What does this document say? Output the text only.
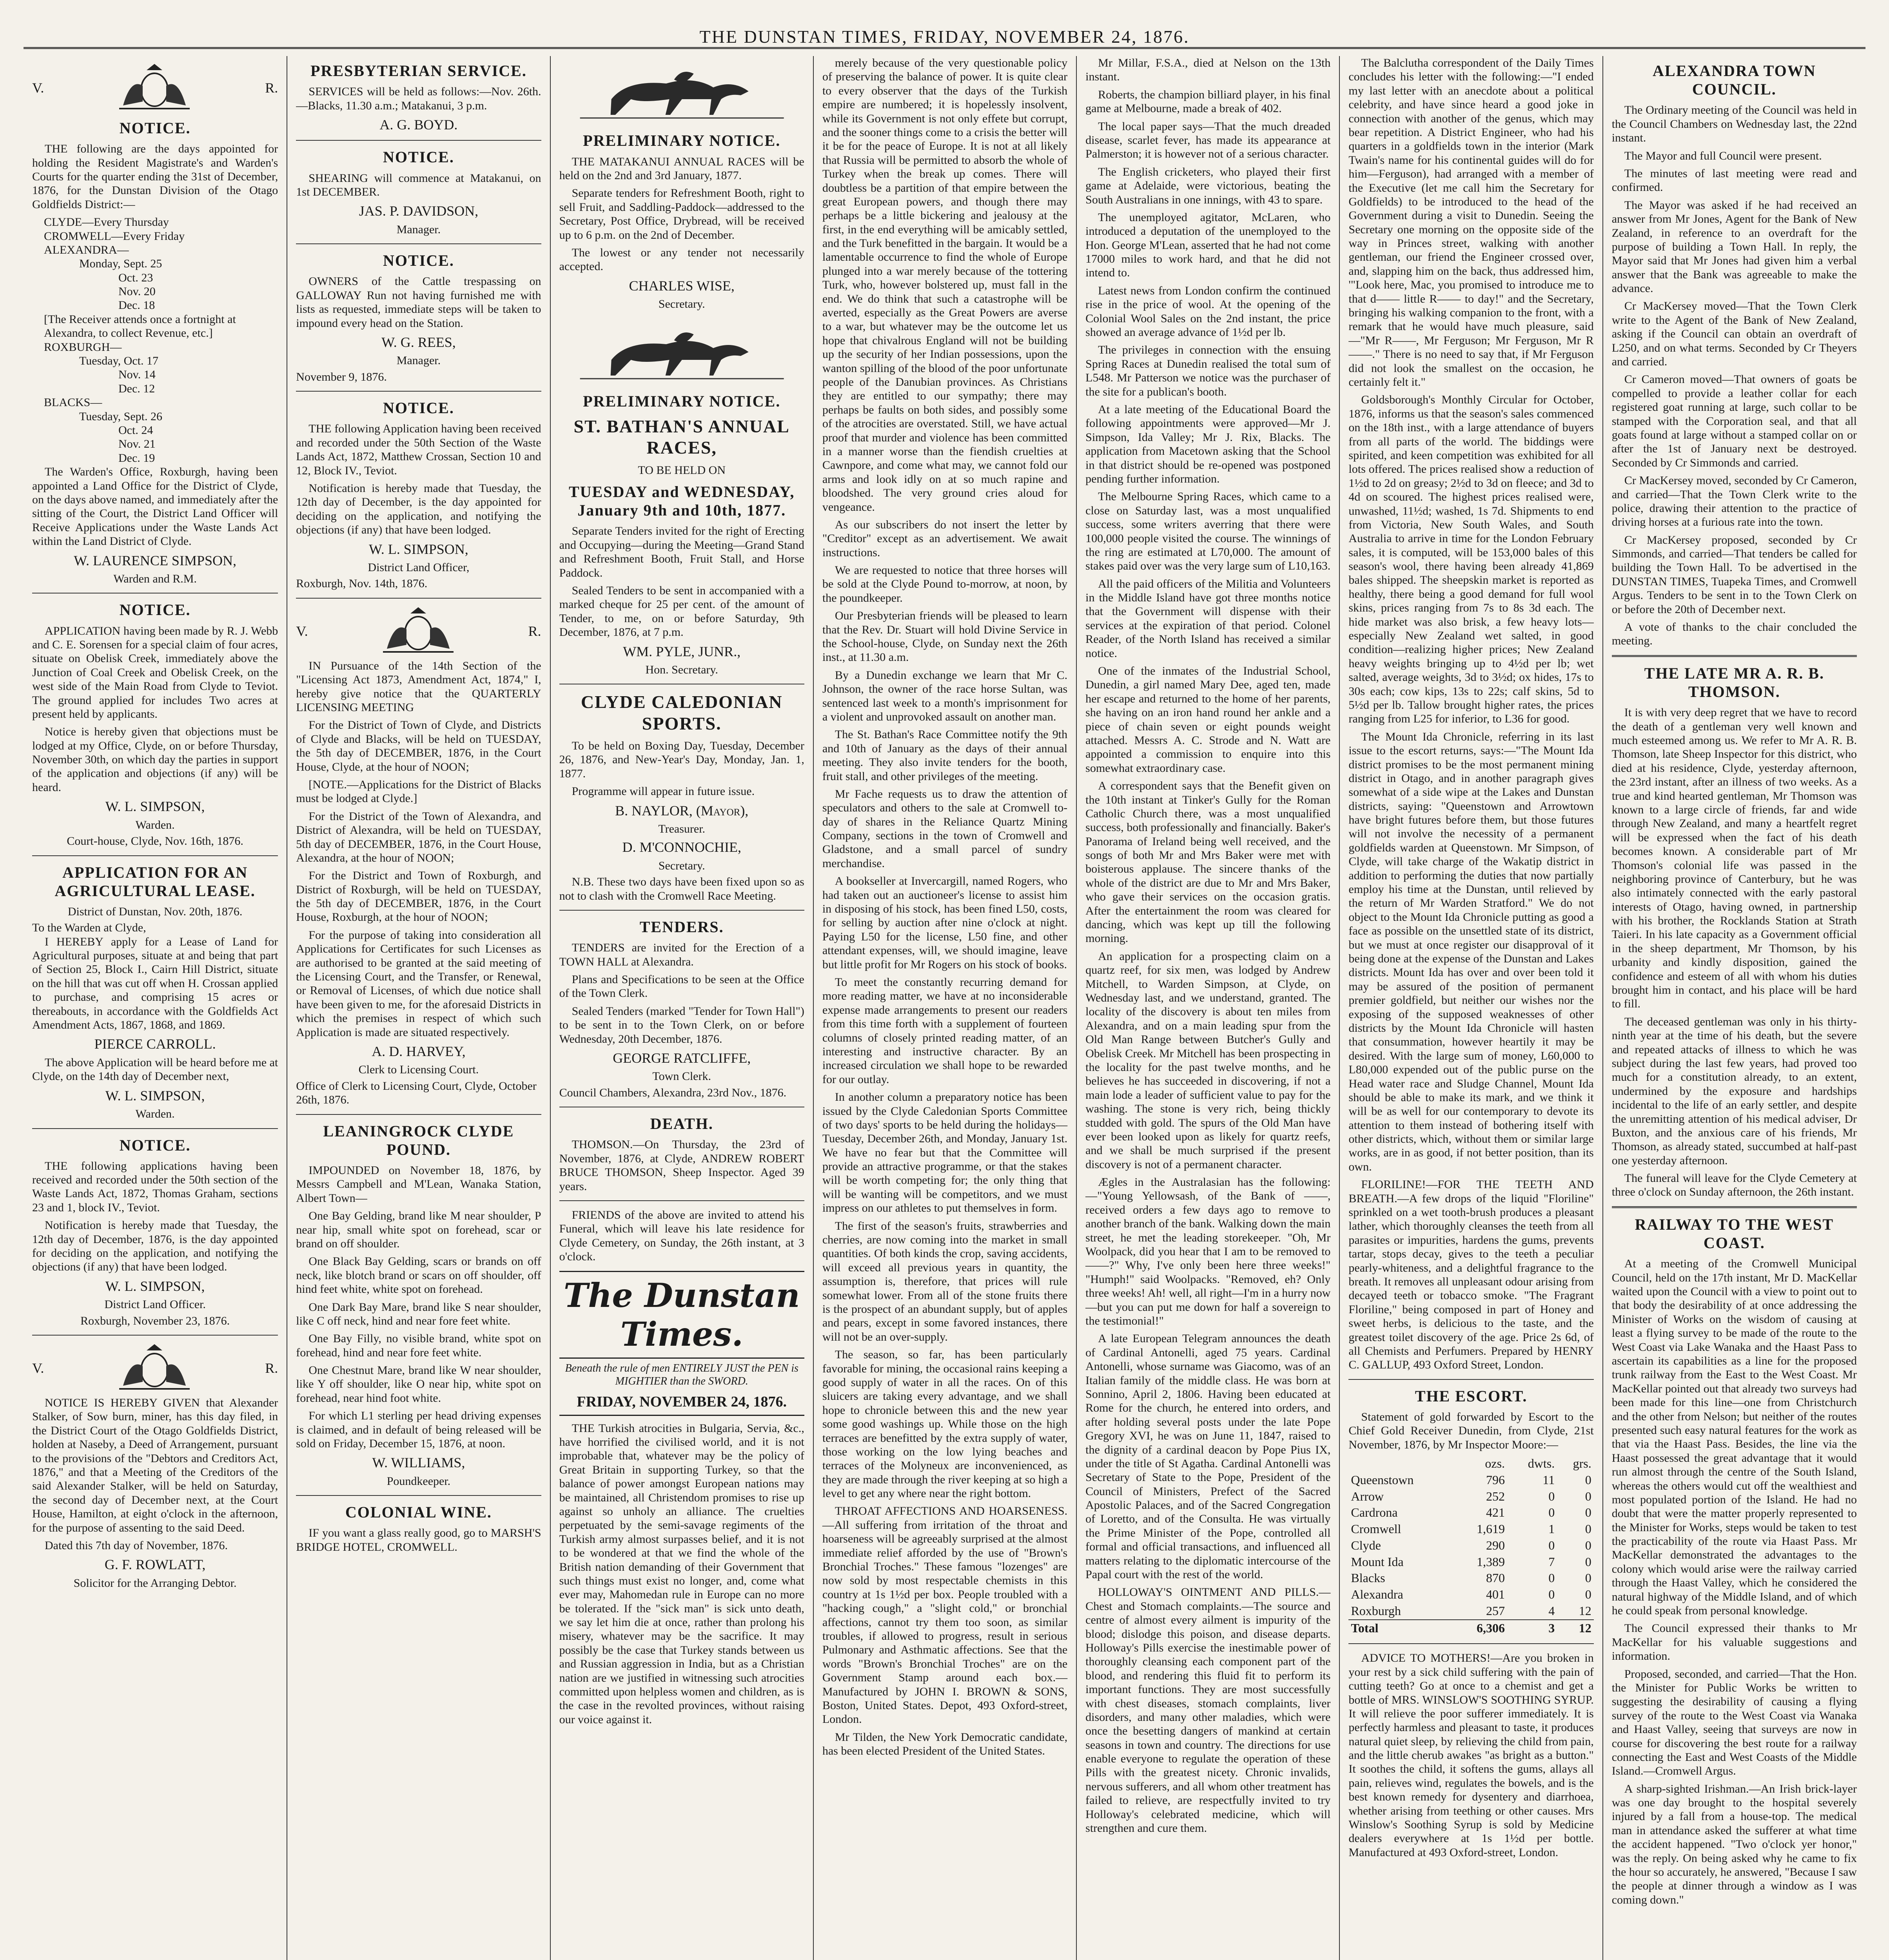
THE DUNSTAN TIMES, FRIDAY, NOVEMBER 24, 1876.
V.	R.
NOTICE.

THE following are the days appointed for holding the Resident Magistrate's and Warden's Courts for the quarter ending the 31st of December, 1876, for the Dunstan Division of the Otago Goldfields District:—

CLYDE—Every Thursday
CROMWELL—Every Friday
ALEXANDRA—
Monday, Sept. 25
Oct. 23
Nov. 20
Dec. 18
[The Receiver attends once a fortnight at Alexandra, to collect Revenue, etc.]
ROXBURGH—
Tuesday, Oct. 17
Nov. 14
Dec. 12
BLACKS—
Tuesday, Sept. 26
Oct. 24
Nov. 21
Dec. 19

The Warden's Office, Roxburgh, having been appointed a Land Office for the District of Clyde, on the days above named, and immediately after the sitting of the Court, the District Land Officer will Receive Applications under the Waste Lands Act within the Land District of Clyde.

W. LAURENCE SIMPSON,
Warden and R.M.
NOTICE.

APPLICATION having been made by R. J. Webb and C. E. Sorensen for a special claim of four acres, situate on Obelisk Creek, immediately above the Junction of Coal Creek and Obelisk Creek, on the west side of the Main Road from Clyde to Teviot. The ground applied for includes Two acres at present held by applicants.

Notice is hereby given that objections must be lodged at my Office, Clyde, on or before Thursday, November 30th, on which day the parties in support of the application and objections (if any) will be heard.

W. L. SIMPSON,
Warden.
Court-house, Clyde, Nov. 16th, 1876.
APPLICATION FOR AN AGRICULTURAL LEASE.
District of Dunstan, Nov. 20th, 1876.
To the Warden at Clyde,

I HEREBY apply for a Lease of Land for Agricultural purposes, situate at and being that part of Section 25, Block I., Cairn Hill District, situate on the hill that was cut off when H. Crossan applied to purchase, and comprising 15 acres or thereabouts, in accordance with the Goldfields Act Amendment Acts, 1867, 1868, and 1869.

PIERCE CARROLL.

The above Application will be heard before me at Clyde, on the 14th day of December next,

W. L. SIMPSON,
Warden.
NOTICE.

THE following applications having been received and recorded under the 50th section of the Waste Lands Act, 1872, Thomas Graham, sections 23 and 1, block IV., Teviot.

Notification is hereby made that Tuesday, the 12th day of December, 1876, is the day appointed for deciding on the application, and notifying the objections (if any) that have been lodged.

W. L. SIMPSON,
District Land Officer.
Roxburgh, November 23, 1876.
V.	R.

NOTICE IS HEREBY GIVEN that Alexander Stalker, of Sow burn, miner, has this day filed, in the District Court of the Otago Goldfields District, holden at Naseby, a Deed of Arrangement, pursuant to the provisions of the "Debtors and Creditors Act, 1876," and that a Meeting of the Creditors of the said Alexander Stalker, will be held on Saturday, the second day of December next, at the Court House, Hamilton, at eight o'clock in the afternoon, for the purpose of assenting to the said Deed.

Dated this 7th day of November, 1876.

G. F. ROWLATT,
Solicitor for the Arranging Debtor.
PRESBYTERIAN SERVICE.

SERVICES will be held as follows:—Nov. 26th.—Blacks, 11.30 a.m.; Matakanui, 3 p.m.

A. G. BOYD.
NOTICE.

SHEARING will commence at Matakanui, on 1st DECEMBER.

JAS. P. DAVIDSON,
Manager.
NOTICE.

OWNERS of the Cattle trespassing on GALLOWAY Run not having furnished me with lists as requested, immediate steps will be taken to impound every head on the Station.

W. G. REES,
Manager.
November 9, 1876.
NOTICE.

THE following Application having been received and recorded under the 50th Section of the Waste Lands Act, 1872, Matthew Crossan, Section 10 and 12, Block IV., Teviot.

Notification is hereby made that Tuesday, the 12th day of December, is the day appointed for deciding on the application, and notifying the objections (if any) that have been lodged.

W. L. SIMPSON,
District Land Officer,
Roxburgh, Nov. 14th, 1876.
V.	R.

IN Pursuance of the 14th Section of the "Licensing Act 1873, Amendment Act, 1874," I, hereby give notice that the QUARTERLY LICENSING MEETING

For the District of Town of Clyde, and Districts of Clyde and Blacks, will be held on TUESDAY, the 5th day of DECEMBER, 1876, in the Court House, Clyde, at the hour of NOON;

[NOTE.—Applications for the District of Blacks must be lodged at Clyde.]

For the District of the Town of Alexandra, and District of Alexandra, will be held on TUESDAY, 5th day of DECEMBER, 1876, in the Court House, Alexandra, at the hour of NOON;

For the District and Town of Roxburgh, and District of Roxburgh, will be held on TUESDAY, the 5th day of DECEMBER, 1876, in the Court House, Roxburgh, at the hour of NOON;

For the purpose of taking into consideration all Applications for Certificates for such Licenses as are authorised to be granted at the said meeting of the Licensing Court, and the Transfer, or Renewal, or Removal of Licenses, of which due notice shall have been given to me, for the aforesaid Districts in which the premises in respect of which such Application is made are situated respectively.

A. D. HARVEY,
Clerk to Licensing Court.
Office of Clerk to Licensing Court, Clyde, October 26th, 1876.
LEANINGROCK CLYDE POUND.

IMPOUNDED on November 18, 1876, by Messrs Campbell and M'Lean, Wanaka Station, Albert Town—

One Bay Gelding, brand like M near shoulder, P near hip, small white spot on forehead, scar or brand on off shoulder.

One Black Bay Gelding, scars or brands on off neck, like blotch brand or scars on off shoulder, off hind feet white, white spot on forehead.

One Dark Bay Mare, brand like S near shoulder, like C off neck, hind and near fore feet white.

One Bay Filly, no visible brand, white spot on forehead, hind and near fore feet white.

One Chestnut Mare, brand like W near shoulder, like Y off shoulder, like O near hip, white spot on forehead, near hind foot white.

For which L1 sterling per head driving expenses is claimed, and in default of being released will be sold on Friday, December 15, 1876, at noon.

W. WILLIAMS,
Poundkeeper.
COLONIAL WINE.

IF you want a glass really good, go to MARSH'S BRIDGE HOTEL, CROMWELL.

PRELIMINARY NOTICE.

THE MATAKANUI ANNUAL RACES will be held on the 2nd and 3rd January, 1877.

Separate tenders for Refreshment Booth, right to sell Fruit, and Saddling-Paddock—addressed to the Secretary, Post Office, Drybread, will be received up to 6 p.m. on the 2nd of December.

The lowest or any tender not necessarily accepted.

CHARLES WISE,
Secretary.
PRELIMINARY NOTICE.
ST. BATHAN'S ANNUAL RACES,
TO BE HELD ON
TUESDAY and WEDNESDAY, January 9th and 10th, 1877.

Separate Tenders invited for the right of Erecting and Occupying—during the Meeting—Grand Stand and Refreshment Booth, Fruit Stall, and Horse Paddock.

Sealed Tenders to be sent in accompanied with a marked cheque for 25 per cent. of the amount of Tender, to me, on or before Saturday, 9th December, 1876, at 7 p.m.

WM. PYLE, JUNR.,
Hon. Secretary.
CLYDE CALEDONIAN SPORTS.

To be held on Boxing Day, Tuesday, December 26, 1876, and New-Year's Day, Monday, Jan. 1, 1877.

Programme will appear in future issue.

B. NAYLOR, (Mayor),
Treasurer.
D. M'CONNOCHIE,
Secretary.

N.B. These two days have been fixed upon so as not to clash with the Cromwell Race Meeting.

TENDERS.

TENDERS are invited for the Erection of a TOWN HALL at Alexandra.

Plans and Specifications to be seen at the Office of the Town Clerk.

Sealed Tenders (marked "Tender for Town Hall") to be sent in to the Town Clerk, on or before Wednesday, 20th December, 1876.

GEORGE RATCLIFFE,
Town Clerk.
Council Chambers, Alexandra, 23rd Nov., 1876.
DEATH.

THOMSON.—On Thursday, the 23rd of November, 1876, at Clyde, ANDREW ROBERT BRUCE THOMSON, Sheep Inspector. Aged 39 years.

FRIENDS of the above are invited to attend his Funeral, which will leave his late residence for Clyde Cemetery, on Sunday, the 26th instant, at 3 o'clock.

The Dunstan Times.
Beneath the rule of men ENTIRELY JUST the PEN is MIGHTIER than the SWORD.
FRIDAY, NOVEMBER 24, 1876.

THE Turkish atrocities in Bulgaria, Servia, &c., have horrified the civilised world, and it is not improbable that, whatever may be the policy of Great Britain in supporting Turkey, so that the balance of power amongst European nations may be maintained, all Christendom promises to rise up against so unholy an alliance. The cruelties perpetuated by the semi-savage regiments of the Turkish army almost surpasses belief, and it is not to be wondered at that we find the whole of the British nation demanding of their Government that such things must exist no longer, and, come what ever may, Mahomedan rule in Europe can no more be tolerated. If the "sick man" is sick unto death, we say let him die at once, rather than prolong his misery, whatever may be the sacrifice. It may possibly be the case that Turkey stands between us and Russian aggression in India, but as a Christian nation are we justified in witnessing such atrocities committed upon helpless women and children, as is the case in the revolted provinces, without raising our voice against it.

merely because of the very questionable policy of preserving the balance of power. It is quite clear to every observer that the days of the Turkish empire are numbered; it is hopelessly insolvent, while its Government is not only effete but corrupt, and the sooner things come to a crisis the better will it be for the peace of Europe. It is not at all likely that Russia will be permitted to absorb the whole of Turkey when the break up comes. There will doubtless be a partition of that empire between the great European powers, and though there may perhaps be a little bickering and jealousy at the first, in the end everything will be amicably settled, and the Turk benefitted in the bargain. It would be a lamentable occurrence to find the whole of Europe plunged into a war merely because of the tottering Turk, who, however bolstered up, must fall in the end. We do think that such a catastrophe will be averted, especially as the Great Powers are averse to a war, but whatever may be the outcome let us hope that chivalrous England will not be building up the security of her Indian possessions, upon the wanton spilling of the blood of the poor unfortunate people of the Danubian provinces. As Christians they are entitled to our sympathy; there may perhaps be faults on both sides, and possibly some of the atrocities are overstated. Still, we have actual proof that murder and violence has been committed in a manner worse than the fiendish cruelties at Cawnpore, and come what may, we cannot fold our arms and look idly on at so much rapine and bloodshed. The very ground cries aloud for vengeance.

As our subscribers do not insert the letter by "Creditor" except as an advertisement. We await instructions.

We are requested to notice that three horses will be sold at the Clyde Pound to-morrow, at noon, by the poundkeeper.

Our Presbyterian friends will be pleased to learn that the Rev. Dr. Stuart will hold Divine Service in the School-house, Clyde, on Sunday next the 26th inst., at 11.30 a.m.

By a Dunedin exchange we learn that Mr C. Johnson, the owner of the race horse Sultan, was sentenced last week to a month's imprisonment for a violent and unprovoked assault on another man.

The St. Bathan's Race Committee notify the 9th and 10th of January as the days of their annual meeting. They also invite tenders for the booth, fruit stall, and other privileges of the meeting.

Mr Fache requests us to draw the attention of speculators and others to the sale at Cromwell to-day of shares in the Reliance Quartz Mining Company, sections in the town of Cromwell and Gladstone, and a small parcel of sundry merchandise.

A bookseller at Invercargill, named Rogers, who had taken out an auctioneer's license to assist him in disposing of his stock, has been fined L50, costs, for selling by auction after nine o'clock at night. Paying L50 for the license, L50 fine, and other attendant expenses, will, we should imagine, leave but little profit for Mr Rogers on his stock of books.

To meet the constantly recurring demand for more reading matter, we have at no inconsiderable expense made arrangements to present our readers from this time forth with a supplement of fourteen columns of closely printed reading matter, of an interesting and instructive character. By an increased circulation we shall hope to be rewarded for our outlay.

In another column a preparatory notice has been issued by the Clyde Caledonian Sports Committee of two days' sports to be held during the holidays—Tuesday, December 26th, and Monday, January 1st. We have no fear but that the Committee will provide an attractive programme, or that the stakes will be worth competing for; the only thing that will be wanting will be competitors, and we must impress on our athletes to put themselves in form.

The first of the season's fruits, strawberries and cherries, are now coming into the market in small quantities. Of both kinds the crop, saving accidents, will exceed all previous years in quantity, the assumption is, therefore, that prices will rule somewhat lower. From all of the stone fruits there is the prospect of an abundant supply, but of apples and pears, except in some favored instances, there will not be an over-supply.

The season, so far, has been particularly favorable for mining, the occasional rains keeping a good supply of water in all the races. On of this sluicers are taking every advantage, and we shall hope to chronicle between this and the new year some good washings up. While those on the high terraces are benefitted by the extra supply of water, those working on the low lying beaches and terraces of the Molyneux are inconvenienced, as they are made through the river keeping at so high a level to get any where near the right bottom.

THROAT AFFECTIONS AND HOARSENESS.—All suffering from irritation of the throat and hoarseness will be agreeably surprised at the almost immediate relief afforded by the use of "Brown's Bronchial Troches." These famous "lozenges" are now sold by most respectable chemists in this country at 1s 1½d per box. People troubled with a "hacking cough," a "slight cold," or bronchial affections, cannot try them too soon, as similar troubles, if allowed to progress, result in serious Pulmonary and Asthmatic affections. See that the words "Brown's Bronchial Troches" are on the Government Stamp around each box.—Manufactured by JOHN I. BROWN & SONS, Boston, United States. Depot, 493 Oxford-street, London.

Mr Tilden, the New York Democratic candidate, has been elected President of the United States.

Mr Millar, F.S.A., died at Nelson on the 13th instant.

Roberts, the champion billiard player, in his final game at Melbourne, made a break of 402.

The local paper says—That the much dreaded disease, scarlet fever, has made its appearance at Palmerston; it is however not of a serious character.

The English cricketers, who played their first game at Adelaide, were victorious, beating the South Australians in one innings, with 43 to spare.

The unemployed agitator, McLaren, who introduced a deputation of the unemployed to the Hon. George M'Lean, asserted that he had not come 17000 miles to work hard, and that he did not intend to.

Latest news from London confirm the continued rise in the price of wool. At the opening of the Colonial Wool Sales on the 2nd instant, the price showed an average advance of 1½d per lb.

The privileges in connection with the ensuing Spring Races at Dunedin realised the total sum of L548. Mr Patterson we notice was the purchaser of the site for a publican's booth.

At a late meeting of the Educational Board the following appointments were approved—Mr J. Simpson, Ida Valley; Mr J. Rix, Blacks. The application from Macetown asking that the School in that district should be re-opened was postponed pending further information.

The Melbourne Spring Races, which came to a close on Saturday last, was a most unqualified success, some writers averring that there were 100,000 people visited the course. The winnings of the ring are estimated at L70,000. The amount of stakes paid over was the very large sum of L10,163.

All the paid officers of the Militia and Volunteers in the Middle Island have got three months notice that the Government will dispense with their services at the expiration of that period. Colonel Reader, of the North Island has received a similar notice.

One of the inmates of the Industrial School, Dunedin, a girl named Mary Dee, aged ten, made her escape and returned to the home of her parents, she having on an iron hand round her ankle and a piece of chain seven or eight pounds weight attached. Messrs A. C. Strode and N. Watt are appointed a commission to enquire into this somewhat extraordinary case.

A correspondent says that the Benefit given on the 10th instant at Tinker's Gully for the Roman Catholic Church there, was a most unqualified success, both professionally and financially. Baker's Panorama of Ireland being well received, and the songs of both Mr and Mrs Baker were met with boisterous applause. The sincere thanks of the whole of the district are due to Mr and Mrs Baker, who gave their services on the occasion gratis. After the entertainment the room was cleared for dancing, which was kept up till the following morning.

An application for a prospecting claim on a quartz reef, for six men, was lodged by Andrew Mitchell, to Warden Simpson, at Clyde, on Wednesday last, and we understand, granted. The locality of the discovery is about ten miles from Alexandra, and on a main leading spur from the Old Man Range between Butcher's Gully and Obelisk Creek. Mr Mitchell has been prospecting in the locality for the past twelve months, and he believes he has succeeded in discovering, if not a main lode a leader of sufficient value to pay for the washing. The stone is very rich, being thickly studded with gold. The spurs of the Old Man have ever been looked upon as likely for quartz reefs, and we shall be much surprised if the present discovery is not of a permanent character.

Ægles in the Australasian has the following:—"Young Yellowsash, of the Bank of ——, received orders a few days ago to remove to another branch of the bank. Walking down the main street, he met the leading storekeeper. "Oh, Mr Woolpack, did you hear that I am to be removed to ——?" Why, I've only been here three weeks!" "Humph!" said Woolpacks. "Removed, eh? Only three weeks! Ah! well, all right—I'm in a hurry now—but you can put me down for half a sovereign to the testimonial!"

A late European Telegram announces the death of Cardinal Antonelli, aged 75 years. Cardinal Antonelli, whose surname was Giacomo, was of an Italian family of the middle class. He was born at Sonnino, April 2, 1806. Having been educated at Rome for the church, he entered into orders, and after holding several posts under the late Pope Gregory XVI, he was on June 11, 1847, raised to the dignity of a cardinal deacon by Pope Pius IX, under the title of St Agatha. Cardinal Antonelli was Secretary of State to the Pope, President of the Council of Ministers, Prefect of the Sacred Apostolic Palaces, and of the Sacred Congregation of Loretto, and of the Consulta. He was virtually the Prime Minister of the Pope, controlled all formal and official transactions, and influenced all matters relating to the diplomatic intercourse of the Papal court with the rest of the world.

HOLLOWAY'S OINTMENT AND PILLS.—Chest and Stomach complaints.—The source and centre of almost every ailment is impurity of the blood; dislodge this poison, and disease departs. Holloway's Pills exercise the inestimable power of thoroughly cleansing each component part of the blood, and rendering this fluid fit to perform its important functions. They are most successfully with chest diseases, stomach complaints, liver disorders, and many other maladies, which were once the besetting dangers of mankind at certain seasons in town and country. The directions for use enable everyone to regulate the operation of these Pills with the greatest nicety. Chronic invalids, nervous sufferers, and all whom other treatment has failed to relieve, are respectfully invited to try Holloway's celebrated medicine, which will strengthen and cure them.

The Balclutha correspondent of the Daily Times concludes his letter with the following:—"I ended my last letter with an anecdote about a political celebrity, and have since heard a good joke in connection with another of the genus, which may bear repetition. A District Engineer, who had his quarters in a goldfields town in the interior (Mark Twain's name for his continental guides will do for him—Ferguson), had arranged with a member of the Executive (let me call him the Secretary for Goldfields) to be introduced to the head of the Government during a visit to Dunedin. Seeing the Secretary one morning on the opposite side of the way in Princes street, walking with another gentleman, our friend the Engineer crossed over, and, slapping him on the back, thus addressed him, '"Look here, Mac, you promised to introduce me to that d—— little R—— to day!" and the Secretary, bringing his walking companion to the front, with a remark that he would have much pleasure, said—"Mr R——, Mr Ferguson; Mr Ferguson, Mr R——." There is no need to say that, if Mr Ferguson did not look the smallest on the occasion, he certainly felt it."

Goldsborough's Monthly Circular for October, 1876, informs us that the season's sales commenced on the 18th inst., with a large attendance of buyers from all parts of the world. The biddings were spirited, and keen competition was exhibited for all lots offered. The prices realised show a reduction of 1½d to 2d on greasy; 2½d to 3d on fleece; and 3d to 4d on scoured. The highest prices realised were, unwashed, 11½d; washed, 1s 7d. Shipments to end from Victoria, New South Wales, and South Australia to arrive in time for the London February sales, it is computed, will be 153,000 bales of this season's wool, there having been already 41,869 bales shipped. The sheepskin market is reported as healthy, there being a good demand for full wool skins, prices ranging from 7s to 8s 3d each. The hide market was also brisk, a few heavy lots—especially New Zealand wet salted, in good condition—realizing higher prices; New Zealand heavy weights bringing up to 4½d per lb; wet salted, average weights, 3d to 3½d; ox hides, 17s to 30s each; cow kips, 13s to 22s; calf skins, 5d to 5½d per lb. Tallow brought higher rates, the prices ranging from L25 for inferior, to L36 for good.

The Mount Ida Chronicle, referring in its last issue to the escort returns, says:—"The Mount Ida district promises to be the most permanent mining district in Otago, and in another paragraph gives somewhat of a side wipe at the Lakes and Dunstan districts, saying: "Queenstown and Arrowtown have bright futures before them, but those futures will not involve the necessity of a permanent goldfields warden at Queenstown. Mr Simpson, of Clyde, will take charge of the Wakatip district in addition to performing the duties that now partially employ his time at the Dunstan, until relieved by the return of Mr Warden Stratford." We do not object to the Mount Ida Chronicle putting as good a face as possible on the unsettled state of its district, but we must at once register our disapproval of it being done at the expense of the Dunstan and Lakes districts. Mount Ida has over and over been told it may be assured of the position of permanent premier goldfield, but neither our wishes nor the exposing of the supposed weaknesses of other districts by the Mount Ida Chronicle will hasten that consummation, however heartily it may be desired. With the large sum of money, L60,000 to L80,000 expended out of the public purse on the Head water race and Sludge Channel, Mount Ida should be able to make its mark, and we think it will be as well for our contemporary to devote its attention to them instead of bothering itself with other districts, which, without them or similar large works, are in as good, if not better position, than its own.

FLORILINE!—FOR THE TEETH AND BREATH.—A few drops of the liquid "Floriline" sprinkled on a wet tooth-brush produces a pleasant lather, which thoroughly cleanses the teeth from all parasites or impurities, hardens the gums, prevents tartar, stops decay, gives to the teeth a peculiar pearly-whiteness, and a delightful fragrance to the breath. It removes all unpleasant odour arising from decayed teeth or tobacco smoke. "The Fragrant Floriline," being composed in part of Honey and sweet herbs, is delicious to the taste, and the greatest toilet discovery of the age. Price 2s 6d, of all Chemists and Perfumers. Prepared by HENRY C. GALLUP, 493 Oxford Street, London.

THE ESCORT.

Statement of gold forwarded by Escort to the Chief Gold Receiver Dunedin, from Clyde, 21st November, 1876, by Mr Inspector Moore:—

	ozs.	dwts.	grs.
Queenstown	796	11	0
Arrow	252	0	0
Cardrona	421	0	0
Cromwell	1,619	1	0
Clyde	290	0	0
Mount Ida	1,389	7	0
Blacks	870	0	0
Alexandra	401	0	0
Roxburgh	257	4	12
Total	6,306	3	12

ADVICE TO MOTHERS!—Are you broken in your rest by a sick child suffering with the pain of cutting teeth? Go at once to a chemist and get a bottle of MRS. WINSLOW'S SOOTHING SYRUP. It will relieve the poor sufferer immediately. It is perfectly harmless and pleasant to taste, it produces natural quiet sleep, by relieving the child from pain, and the little cherub awakes "as bright as a button." It soothes the child, it softens the gums, allays all pain, relieves wind, regulates the bowels, and is the best known remedy for dysentery and diarrhoea, whether arising from teething or other causes. Mrs Winslow's Soothing Syrup is sold by Medicine dealers everywhere at 1s 1½d per bottle. Manufactured at 493 Oxford-street, London.

ALEXANDRA TOWN COUNCIL.

The Ordinary meeting of the Council was held in the Council Chambers on Wednesday last, the 22nd instant.

The Mayor and full Council were present.

The minutes of last meeting were read and confirmed.

The Mayor was asked if he had received an answer from Mr Jones, Agent for the Bank of New Zealand, in reference to an overdraft for the purpose of building a Town Hall. In reply, the Mayor said that Mr Jones had given him a verbal answer that the Bank was agreeable to make the advance.

Cr MacKersey moved—That the Town Clerk write to the Agent of the Bank of New Zealand, asking if the Council can obtain an overdraft of L250, and on what terms. Seconded by Cr Theyers and carried.

Cr Cameron moved—That owners of goats be compelled to provide a leather collar for each registered goat running at large, such collar to be stamped with the Corporation seal, and that all goats found at large without a stamped collar on or after the 1st of January next be destroyed. Seconded by Cr Simmonds and carried.

Cr MacKersey moved, seconded by Cr Cameron, and carried—That the Town Clerk write to the police, drawing their attention to the practice of driving horses at a furious rate into the town.

Cr MacKersey proposed, seconded by Cr Simmonds, and carried—That tenders be called for building the Town Hall. To be advertised in the DUNSTAN TIMES, Tuapeka Times, and Cromwell Argus. Tenders to be sent in to the Town Clerk on or before the 20th of December next.

A vote of thanks to the chair concluded the meeting.

THE LATE MR A. R. B. THOMSON.

It is with very deep regret that we have to record the death of a gentleman very well known and much esteemed among us. We refer to Mr A. R. B. Thomson, late Sheep Inspector for this district, who died at his residence, Clyde, yesterday afternoon, the 23rd instant, after an illness of two weeks. As a true and kind hearted gentleman, Mr Thomson was known to a large circle of friends, far and wide through New Zealand, and many a heartfelt regret will be expressed when the fact of his death becomes known. A considerable part of Mr Thomson's colonial life was passed in the neighboring province of Canterbury, but he was also intimately connected with the early pastoral interests of Otago, having owned, in partnership with his brother, the Rocklands Station at Strath Taieri. In his late capacity as a Government official in the sheep department, Mr Thomson, by his urbanity and kindly disposition, gained the confidence and esteem of all with whom his duties brought him in contact, and his place will be hard to fill.

The deceased gentleman was only in his thirty-ninth year at the time of his death, but the severe and repeated attacks of illness to which he was subject during the last few years, had proved too much for a constitution already, to an extent, undermined by the exposure and hardships incidental to the life of an early settler, and despite the unremitting attention of his medical adviser, Dr Buxton, and the anxious care of his friends, Mr Thomson, as already stated, succumbed at half-past one yesterday afternoon.

The funeral will leave for the Clyde Cemetery at three o'clock on Sunday afternoon, the 26th instant.

RAILWAY TO THE WEST COAST.

At a meeting of the Cromwell Municipal Council, held on the 17th instant, Mr D. MacKellar waited upon the Council with a view to point out to that body the desirability of at once addressing the Minister of Works on the wisdom of causing at least a flying survey to be made of the route to the West Coast via Lake Wanaka and the Haast Pass to ascertain its capabilities as a line for the proposed trunk railway from the East to the West Coast. Mr MacKellar pointed out that already two surveys had been made for this line—one from Christchurch and the other from Nelson; but neither of the routes presented such easy natural features for the work as that via the Haast Pass. Besides, the line via the Haast possessed the great advantage that it would run almost through the centre of the South Island, whereas the others would cut off the wealthiest and most populated portion of the Island. He had no doubt that were the matter properly represented to the Minister for Works, steps would be taken to test the practicability of the route via Haast Pass. Mr MacKellar demonstrated the advantages to the colony which would arise were the railway carried through the Haast Valley, which he considered the natural highway of the Middle Island, and of which he could speak from personal knowledge.

The Council expressed their thanks to Mr MacKellar for his valuable suggestions and information.

Proposed, seconded, and carried—That the Hon. the Minister for Public Works be written to suggesting the desirability of causing a flying survey of the route to the West Coast via Wanaka and Haast Valley, seeing that surveys are now in course for discovering the best route for a railway connecting the East and West Coasts of the Middle Island.—Cromwell Argus.

A sharp-sighted Irishman.—An Irish brick-layer was one day brought to the hospital severely injured by a fall from a house-top. The medical man in attendance asked the sufferer at what time the accident happened. "Two o'clock yer honor," was the reply. On being asked why he came to fix the hour so accurately, he answered, "Because I saw the people at dinner through a window as I was coming down."
